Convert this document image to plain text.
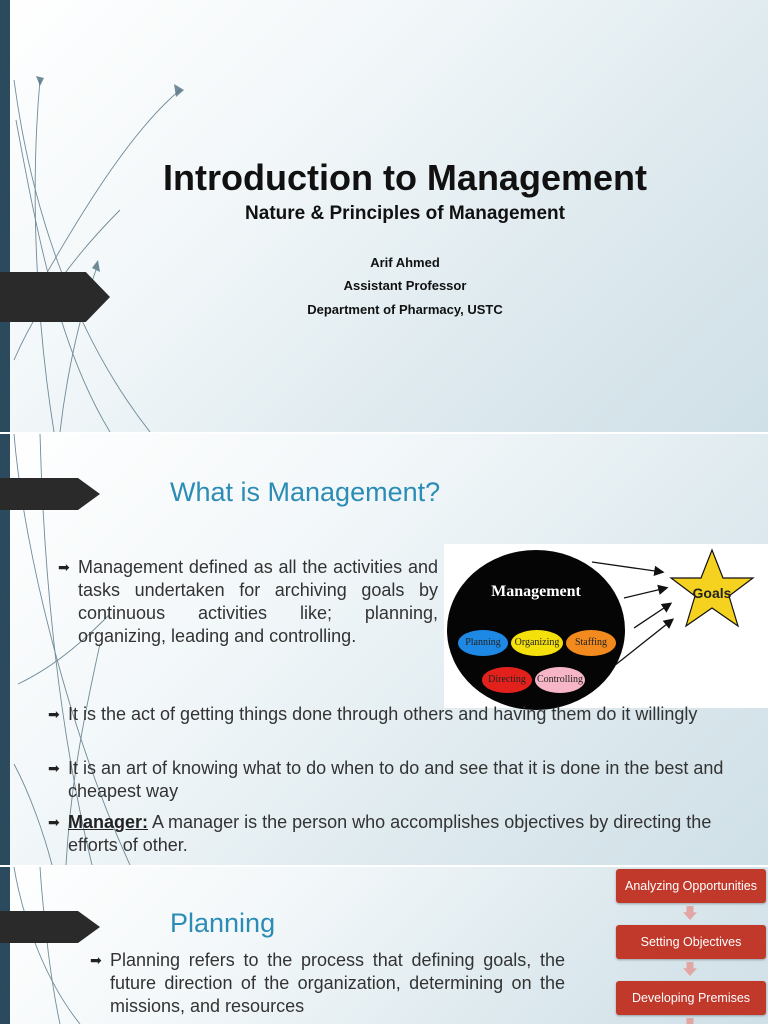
Introduction to Management
Nature & Principles of Management
Arif Ahmed
Assistant Professor
Department of Pharmacy, USTC
What is Management?
➡ Management defined as all the activities and tasks undertaken for archiving goals by continuous activities like; planning, organizing, leading and controlling.
Management
Planning	Organizing	Staffing
Directing	Controlling
Goals
➡ It is the act of getting things done through others and having them do it willingly
➡ It is an art of knowing what to do when to do and see that it is done in the best and cheapest way
➡ Manager: A manager is the person who accomplishes objectives by directing the efforts of other.
Planning
➡ Planning refers to the process that defining goals, the future direction of the organization, determining on the missions, and resources
Analyzing Opportunities
Setting Objectives
Developing Premises
